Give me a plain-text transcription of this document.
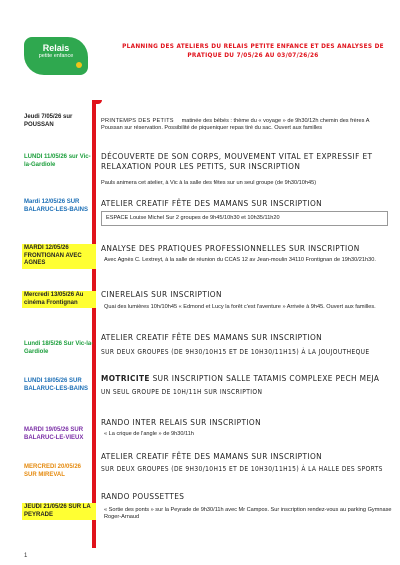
Relais
petite enfance
PLANNING DES ATELIERS DU RELAIS PETITE ENFANCE ET DES ANALYSES DE PRATIQUE DU 7/05/26 AU 03/07/26/26
Jeudi 7/05/26 sur POUSSAN
PRINTEMPS DES PETITS matinée des bébés : thème du « voyage » de 9h30/12h chemin des frères A Poussan sur réservation. Possibilité de piqueniquer repas tiré du sac. Ouvert aux familles
LUNDI 11/05/26 sur Vic-la-Gardiole
DÉCOUVERTE DE SON CORPS, MOUVEMENT VITAL ET EXPRESSIF ET RELAXATION POUR LES PETITS, SUR INSCRIPTION
Pauls animera cet atelier, à Vic à la salle des fêtes sur un seul groupe (de 9h30/10h45)
Mardi 12/05/26 SUR BALARUC-LES-BAINS
ATELIER CREATIF FÊTE DES MAMANS SUR INSCRIPTION
ESPACE Louise Michel Sur 2 groupes de 9h45/10h30 et 10h35/11h20
MARDI 12/05/26 FRONTIGNAN AVEC AGNES
ANALYSE DES PRATIQUES PROFESSIONNELLES SUR INSCRIPTION
Avec Agnès C. Lextreyt, à la salle de réunion du CCAS 12 av Jean-moulin 34110 Frontignan de 19h30/21h30.
Mercredi 13/05/26 Au cinéma Frontignan
CINERELAIS SUR INSCRIPTION
Quai des lumières 10h/10h45 « Edmond et Lucy la forêt c'est l'aventure » Arrivée à 9h45. Ouvert aux familles.
Lundi 18/5/26 Sur Vic-la-Gardiole
ATELIER CREATIF FÊTE DES MAMANS SUR INSCRIPTION
SUR DEUX GROUPES (DE 9H30/10H15 ET DE 10H30/11H15) À LA JOUJOUTHEQUE
LUNDI 18/05/26 SUR BALARUC-LES-BAINS
MOTRICITE SUR INSCRIPTION SALLE TATAMIS COMPLEXE PECH MEJA
UN SEUL GROUPE DE 10H/11H SUR INSCRIPTION
MARDI 19/05/26 SUR BALARUC-LE-VIEUX
RANDO INTER RELAIS SUR INSCRIPTION
« La crique de l'angle » de 9h30/11h
MERCREDI 20/05/26 SUR MIREVAL
ATELIER CREATIF FÊTE DES MAMANS SUR INSCRIPTION
SUR DEUX GROUPES (DE 9H30/10H15 ET DE 10H30/11H15) À LA HALLE DES SPORTS
JEUDI 21/05/26 SUR LA PEYRADE
RANDO POUSSETTES
« Sortie des ponts » sur la Peyrade de 9h30/11h avec Mr Campos. Sur inscription rendez-vous au parking Gymnase Roger-Arnaud
1
